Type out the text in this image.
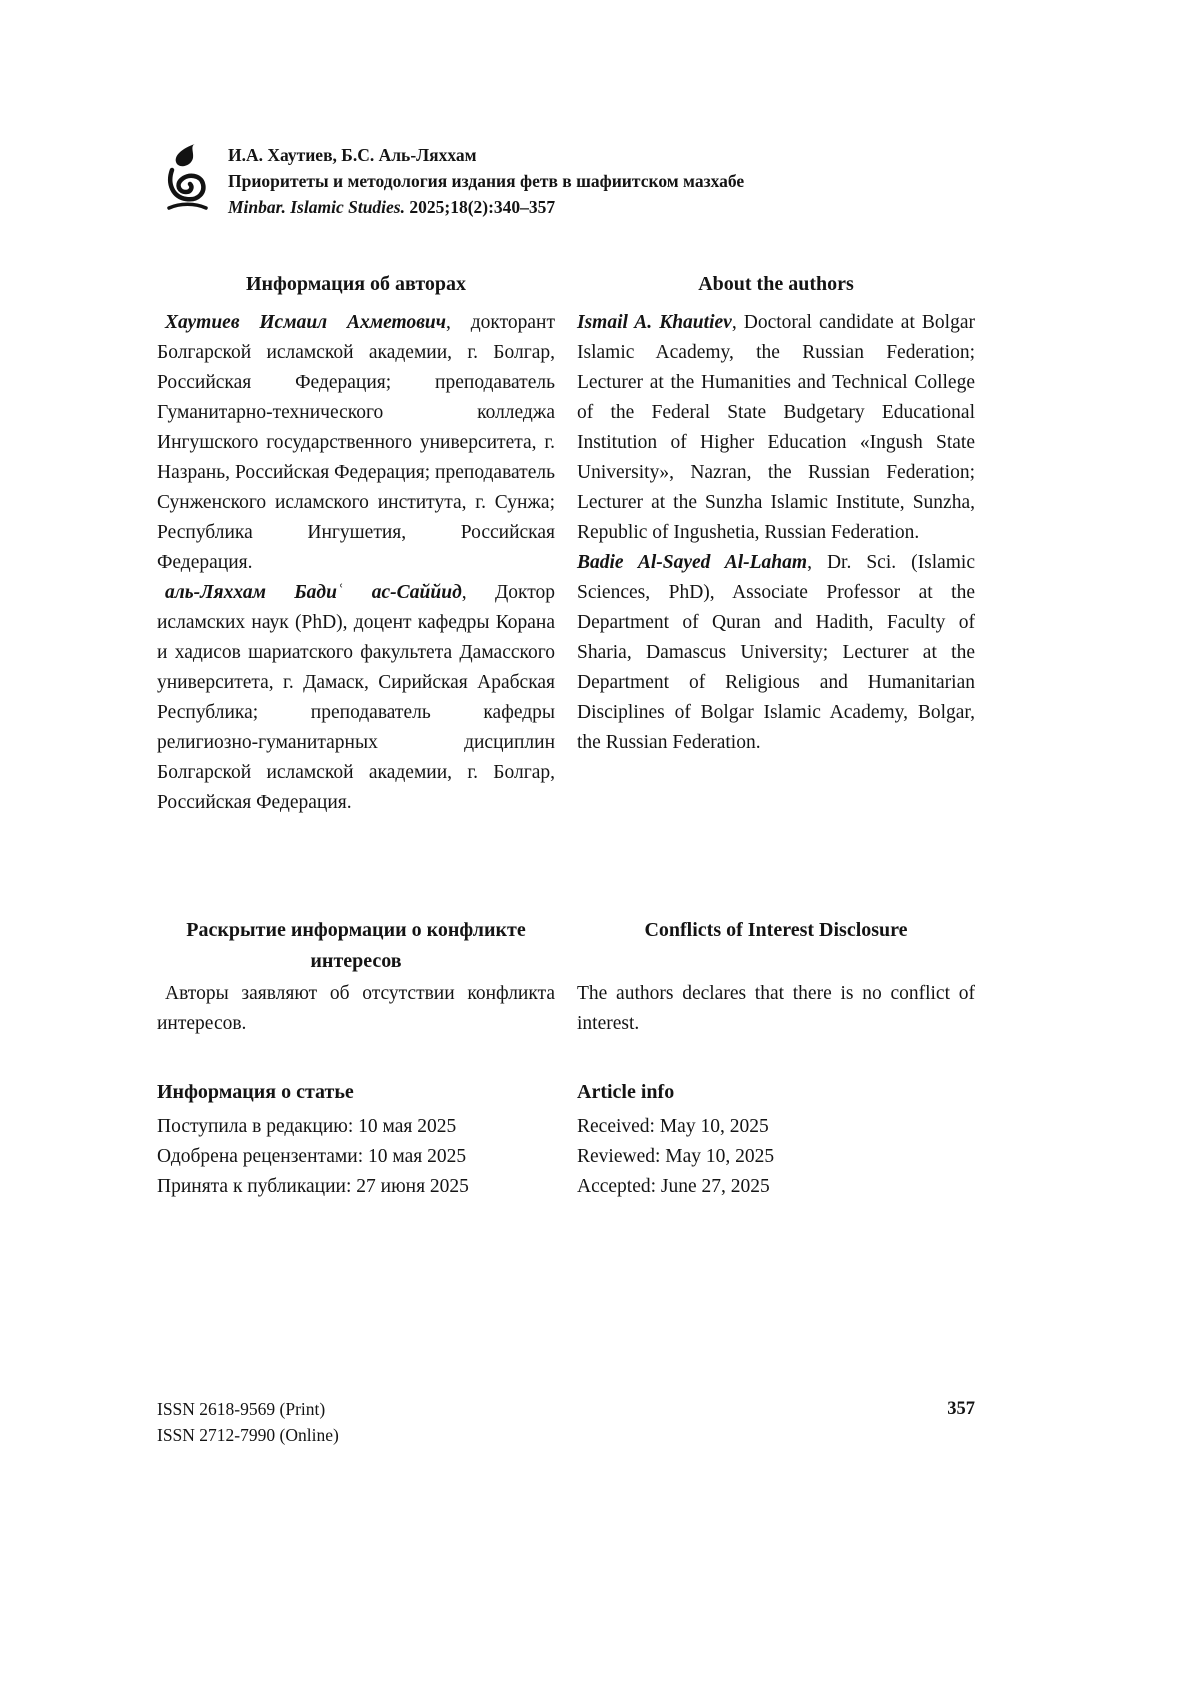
И.А. Хаутиев, Б.С. Аль-Ляххам
Приоритеты и методология издания фетв в шафиитском мазхабе
Minbar. Islamic Studies. 2025;18(2):340–357
Информация об авторах

Хаутиев Исмаил Ахметович, докторант Болгарской исламской академии, г. Болгар, Российская Федерация; преподаватель Гуманитарно-технического колледжа Ингушского государственного университета, г. Назрань, Российская Федерация; преподаватель Сунженского исламского института, г. Сунжа; Республика Ингушетия, Российская Федерация.

аль-Ляххам Бадиʿ ас-Саййид, Доктор исламских наук (PhD), доцент кафедры Корана и хадисов шариатского факультета Дамасского университета, г. Дамаск, Сирийская Арабская Республика; преподаватель кафедры религиозно-гуманитарных дисциплин Болгарской исламской академии, г. Болгар, Российская Федерация.

About the authors

Ismail A. Khautiev, Doctoral candidate at Bolgar Islamic Academy, the Russian Federation; Lecturer at the Humanities and Technical College of the Federal State Budgetary Educational Institution of Higher Education «Ingush State University», Nazran, the Russian Federation; Lecturer at the Sunzha Islamic Institute, Sunzha, Republic of Ingushetia, Russian Federation.

Badie Al-Sayed Al-Laham, Dr. Sci. (Islamic Sciences, PhD), Associate Professor at the Department of Quran and Hadith, Faculty of Sharia, Damascus University; Lecturer at the Department of Religious and Humanitarian Disciplines of Bolgar Islamic Academy, Bolgar, the Russian Federation.

Раскрытие информации о конфликте интересов

Авторы заявляют об отсутствии конфликта интересов.

Conflicts of Interest Disclosure

The authors declares that there is no conflict of interest.

Информация о статье
Поступила в редакцию: 10 мая 2025
Одобрена рецензентами: 10 мая 2025
Принята к публикации: 27 июня 2025
Article info
Received: May 10, 2025
Reviewed: May 10, 2025
Accepted: June 27, 2025
ISSN 2618-9569 (Print)
ISSN 2712-7990 (Online)
357
